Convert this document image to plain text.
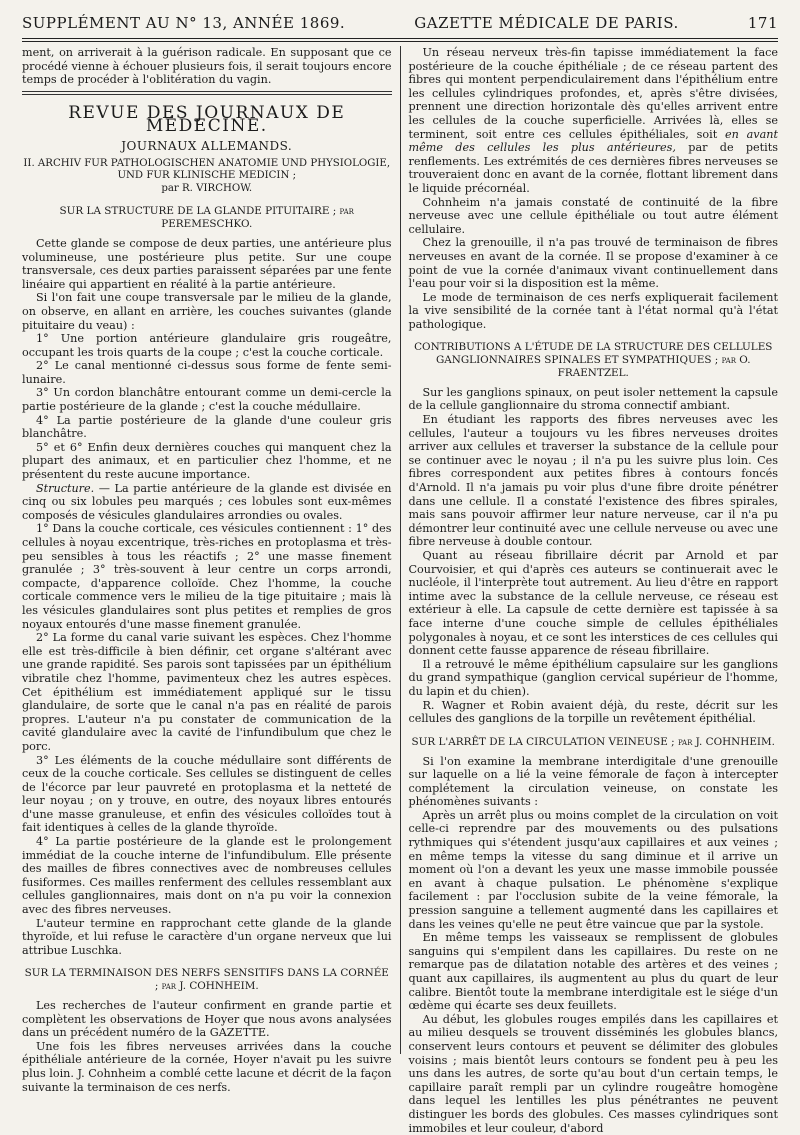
SUPPLÉMENT AU N° 13, ANNÉE 1869.	GAZETTE MÉDICALE DE PARIS.	171

ment, on arriverait à la guérison radicale. En supposant que ce procédé vienne à échouer plusieurs fois, il serait toujours encore temps de procéder à l'oblitération du vagin.

REVUE DES JOURNAUX DE MÉDECINE.
JOURNAUX ALLEMANDS.
II. ARCHIV FUR PATHOLOGISCHEN ANATOMIE UND PHYSIOLOGIE, UND FUR KLINISCHE MEDICIN ;
par R. VIRCHOW.
SUR LA STRUCTURE DE LA GLANDE PITUITAIRE ; par PEREMESCHKO.

Cette glande se compose de deux parties, une antérieure plus volumineuse, une postérieure plus petite. Sur une coupe transversale, ces deux parties paraissent séparées par une fente linéaire qui appartient en réalité à la partie antérieure.

Si l'on fait une coupe transversale par le milieu de la glande, on observe, en allant en arrière, les couches suivantes (glande pituitaire du veau) :

1° Une portion antérieure glandulaire gris rougeâtre, occupant les trois quarts de la coupe ; c'est la couche corticale.

2° Le canal mentionné ci-dessus sous forme de fente semi-lunaire.

3° Un cordon blanchâtre entourant comme un demi-cercle la partie postérieure de la glande ; c'est la couche médullaire.

4° La partie postérieure de la glande d'une couleur gris blanchâtre.

5° et 6° Enfin deux dernières couches qui manquent chez la plupart des animaux, et en particulier chez l'homme, et ne présentent du reste aucune importance.

Structure. — La partie antérieure de la glande est divisée en cinq ou six lobules peu marqués ; ces lobules sont eux-mêmes composés de vésicules glandulaires arrondies ou ovales.

1° Dans la couche corticale, ces vésicules contiennent : 1° des cellules à noyau excentrique, très-riches en protoplasma et très-peu sensibles à tous les réactifs ; 2° une masse finement granulée ; 3° très-souvent à leur centre un corps arrondi, compacte, d'apparence colloïde. Chez l'homme, la couche corticale commence vers le milieu de la tige pituitaire ; mais là les vésicules glandulaires sont plus petites et remplies de gros noyaux entourés d'une masse finement granulée.

2° La forme du canal varie suivant les espèces. Chez l'homme elle est très-difficile à bien définir, cet organe s'altérant avec une grande rapidité. Ses parois sont tapissées par un épithélium vibratile chez l'homme, pavimenteux chez les autres espèces. Cet épithélium est immédiatement appliqué sur le tissu glandulaire, de sorte que le canal n'a pas en réalité de parois propres. L'auteur n'a pu constater de communication de la cavité glandulaire avec la cavité de l'infundibulum que chez le porc.

3° Les éléments de la couche médullaire sont différents de ceux de la couche corticale. Ses cellules se distinguent de celles de l'écorce par leur pauvreté en protoplasma et la netteté de leur noyau ; on y trouve, en outre, des noyaux libres entourés d'une masse granuleuse, et enfin des vésicules colloïdes tout à fait identiques à celles de la glande thyroïde.

4° La partie postérieure de la glande est le prolongement immédiat de la couche interne de l'infundibulum. Elle présente des mailles de fibres connectives avec de nombreuses cellules fusiformes. Ces mailles renferment des cellules ressemblant aux cellules ganglionnaires, mais dont on n'a pu voir la connexion avec des fibres nerveuses.

L'auteur termine en rapprochant cette glande de la glande thyroïde, et lui refuse le caractère d'un organe nerveux que lui attribue Luschka.

SUR LA TERMINAISON DES NERFS SENSITIFS DANS LA CORNÉE ; par J. COHNHEIM.

Les recherches de l'auteur confirment en grande partie et complètent les observations de Hoyer que nous avons analysées dans un précédent numéro de la GAZETTE.

Une fois les fibres nerveuses arrivées dans la couche épithéliale antérieure de la cornée, Hoyer n'avait pu les suivre plus loin. J. Cohnheim a comblé cette lacune et décrit de la façon suivante la terminaison de ces nerfs.

Un réseau nerveux très-fin tapisse immédiatement la face postérieure de la couche épithéliale ; de ce réseau partent des fibres qui montent perpendiculairement dans l'épithélium entre les cellules cylindriques profondes, et, après s'être divisées, prennent une direction horizontale dès qu'elles arrivent entre les cellules de la couche superficielle. Arrivées là, elles se terminent, soit entre ces cellules épithéliales, soit en avant même des cellules les plus antérieures, par de petits renflements. Les extrémités de ces dernières fibres nerveuses se trouveraient donc en avant de la cornée, flottant librement dans le liquide précornéal.

Cohnheim n'a jamais constaté de continuité de la fibre nerveuse avec une cellule épithéliale ou tout autre élément cellulaire.

Chez la grenouille, il n'a pas trouvé de terminaison de fibres nerveuses en avant de la cornée. Il se propose d'examiner à ce point de vue la cornée d'animaux vivant continuellement dans l'eau pour voir si la disposition est la même.

Le mode de terminaison de ces nerfs expliquerait facilement la vive sensibilité de la cornée tant à l'état normal qu'à l'état pathologique.

CONTRIBUTIONS A L'ÉTUDE DE LA STRUCTURE DES CELLULES GANGLIONNAIRES SPINALES ET SYMPATHIQUES ; par O. FRAENTZEL.

Sur les ganglions spinaux, on peut isoler nettement la capsule de la cellule ganglionnaire du stroma connectif ambiant.

En étudiant les rapports des fibres nerveuses avec les cellules, l'auteur a toujours vu les fibres nerveuses droites arriver aux cellules et traverser la substance de la cellule pour se continuer avec le noyau ; il n'a pu les suivre plus loin. Ces fibres correspondent aux petites fibres à contours foncés d'Arnold. Il n'a jamais pu voir plus d'une fibre droite pénétrer dans une cellule. Il a constaté l'existence des fibres spirales, mais sans pouvoir affirmer leur nature nerveuse, car il n'a pu démontrer leur continuité avec une cellule nerveuse ou avec une fibre nerveuse à double contour.

Quant au réseau fibrillaire décrit par Arnold et par Courvoisier, et qui d'après ces auteurs se continuerait avec le nucléole, il l'interprète tout autrement. Au lieu d'être en rapport intime avec la substance de la cellule nerveuse, ce réseau est extérieur à elle. La capsule de cette dernière est tapissée à sa face interne d'une couche simple de cellules épithéliales polygonales à noyau, et ce sont les interstices de ces cellules qui donnent cette fausse apparence de réseau fibrillaire.

Il a retrouvé le même épithélium capsulaire sur les ganglions du grand sympathique (ganglion cervical supérieur de l'homme, du lapin et du chien).

R. Wagner et Robin avaient déjà, du reste, décrit sur les cellules des ganglions de la torpille un revêtement épithélial.

SUR L'ARRÊT DE LA CIRCULATION VEINEUSE ; par J. COHNHEIM.

Si l'on examine la membrane interdigitale d'une grenouille sur laquelle on a lié la veine fémorale de façon à intercepter complétement la circulation veineuse, on constate les phénomènes suivants :

Après un arrêt plus ou moins complet de la circulation on voit celle-ci reprendre par des mouvements ou des pulsations rythmiques qui s'étendent jusqu'aux capillaires et aux veines ; en même temps la vitesse du sang diminue et il arrive un moment où l'on a devant les yeux une masse immobile poussée en avant à chaque pulsation. Le phénomène s'explique facilement : par l'occlusion subite de la veine fémorale, la pression sanguine a tellement augmenté dans les capillaires et dans les veines qu'elle ne peut être vaincue que par la systole.

En même temps les vaisseaux se remplissent de globules sanguins qui s'empilent dans les capillaires. Du reste on ne remarque pas de dilatation notable des artères et des veines ; quant aux capillaires, ils augmentent au plus du quart de leur calibre. Bientôt toute la membrane interdigitale est le siége d'un œdème qui écarte ses deux feuillets.

Au début, les globules rouges empilés dans les capillaires et au milieu desquels se trouvent disséminés les globules blancs, conservent leurs contours et peuvent se délimiter des globules voisins ; mais bientôt leurs contours se fondent peu à peu les uns dans les autres, de sorte qu'au bout d'un certain temps, le capillaire paraît rempli par un cylindre rougeâtre homogène dans lequel les lentilles les plus pénétrantes ne peuvent distinguer les bords des globules. Ces masses cylindriques sont immobiles et leur couleur, d'abord
